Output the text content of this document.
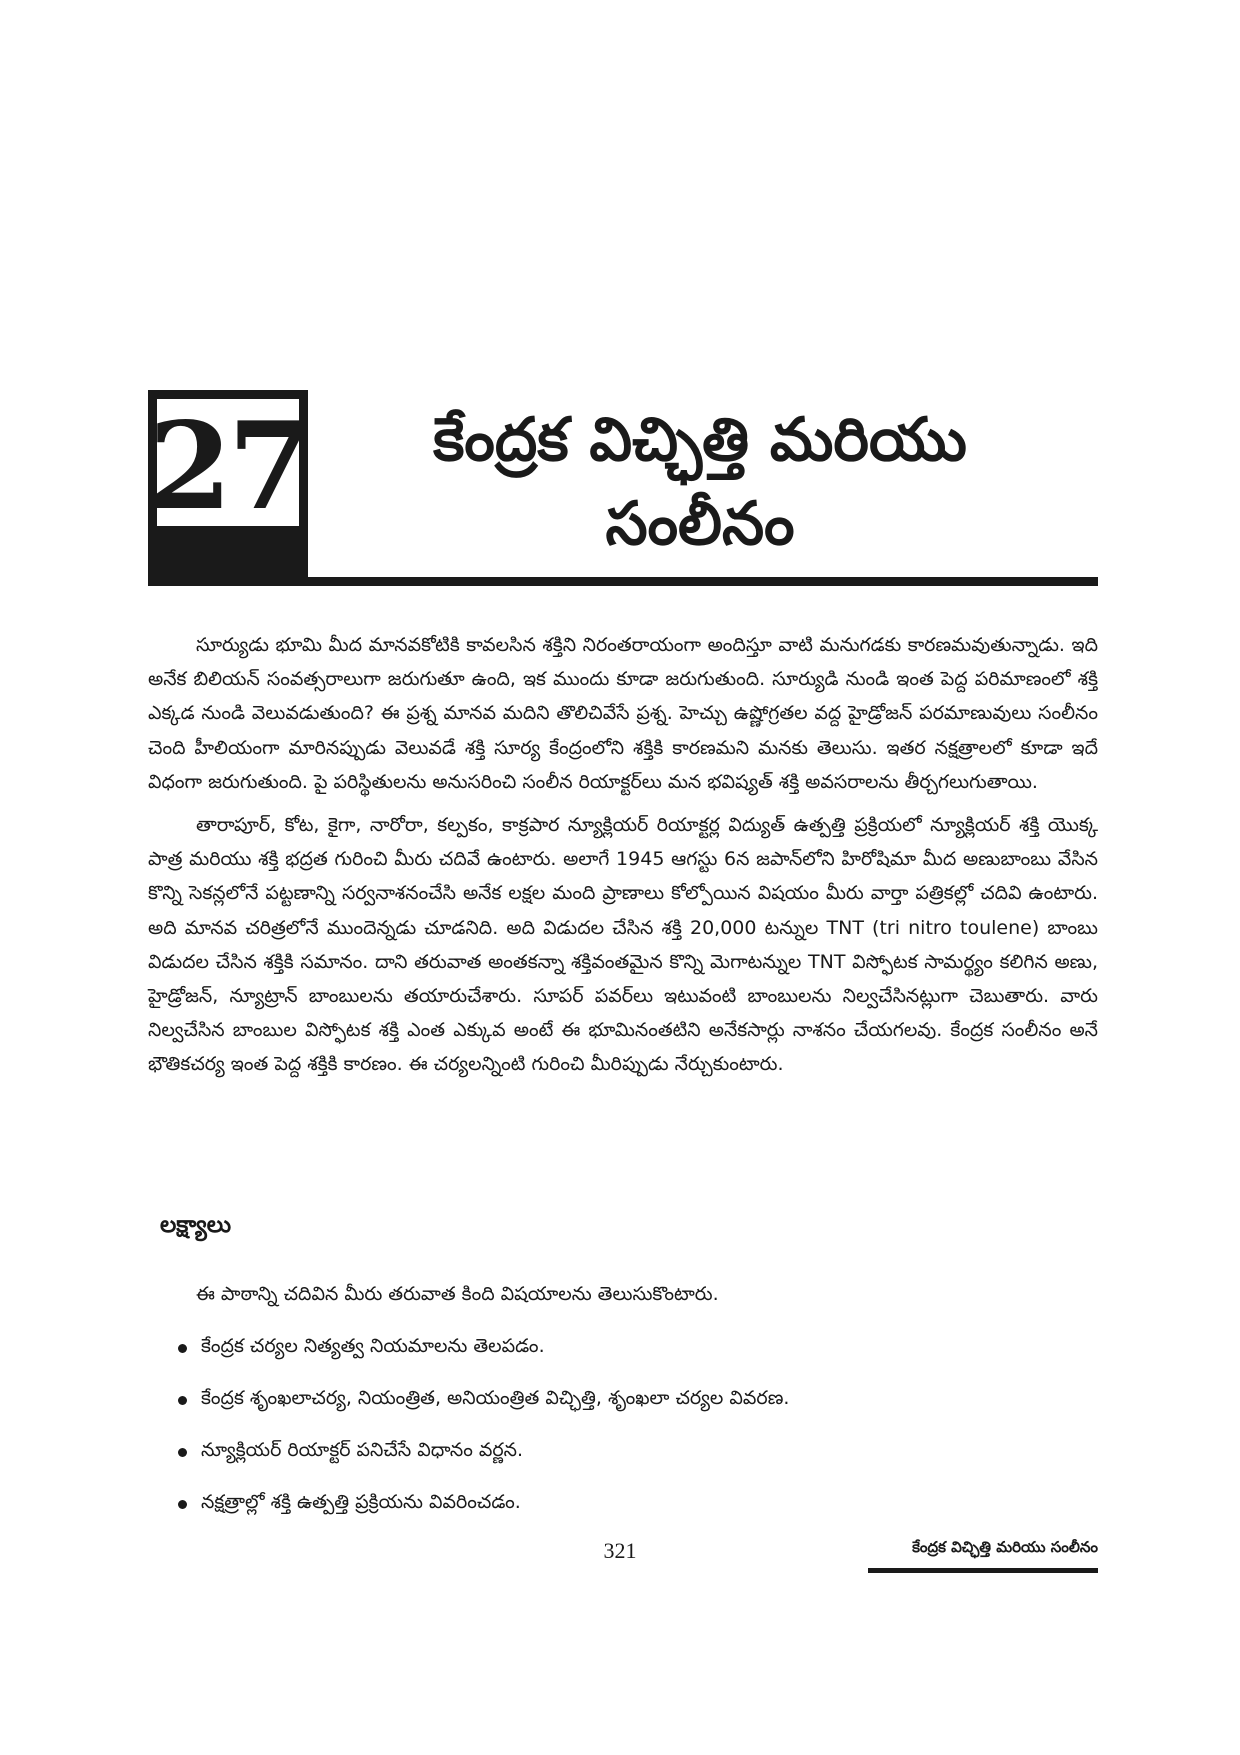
27	కేంద్రక విచ్ఛిత్తి మరియు
సంలీనం

సూర్యుడు భూమి మీద మానవకోటికి కావలసిన శక్తిని నిరంతరాయంగా అందిస్తూ వాటి మనుగడకు కారణమవుతున్నాడు. ఇది అనేక బిలియన్ సంవత్సరాలుగా జరుగుతూ ఉంది, ఇక ముందు కూడా జరుగుతుంది. సూర్యుడి నుండి ఇంత పెద్ద పరిమాణంలో శక్తి ఎక్కడ నుండి వెలువడుతుంది? ఈ ప్రశ్న మానవ మదిని తొలిచివేసే ప్రశ్న. హెచ్చు ఉష్ణోగ్రతల వద్ద హైడ్రోజన్ పరమాణువులు సంలీనం చెంది హీలియంగా మారినప్పుడు వెలువడే శక్తి సూర్య కేంద్రంలోని శక్తికి కారణమని మనకు తెలుసు. ఇతర నక్షత్రాలలో కూడా ఇదే విధంగా జరుగుతుంది. పై పరిస్థితులను అనుసరించి సంలీన రియాక్టర్‌లు మన భవిష్యత్ శక్తి అవసరాలను తీర్చగలుగుతాయి.

తారాపూర్, కోట, కైగా, నారోరా, కల్పకం, కాక్రపార న్యూక్లియర్ రియాక్టర్ల విద్యుత్ ఉత్పత్తి ప్రక్రియలో న్యూక్లియర్ శక్తి యొక్క పాత్ర మరియు శక్తి భద్రత గురించి మీరు చదివే ఉంటారు. అలాగే 1945 ఆగస్టు 6న జపాన్‌లోని హిరోషిమా మీద అణుబాంబు వేసిన కొన్ని సెకన్లలోనే పట్టణాన్ని సర్వనాశనంచేసి అనేక లక్షల మంది ప్రాణాలు కోల్పోయిన విషయం మీరు వార్తా పత్రికల్లో చదివి ఉంటారు. అది మానవ చరిత్రలోనే ముందెన్నడు చూడనిది. అది విడుదల చేసిన శక్తి 20,000 టన్నుల TNT (tri nitro toulene) బాంబు విడుదల చేసిన శక్తికి సమానం. దాని తరువాత అంతకన్నా శక్తివంతమైన కొన్ని మెగాటన్నుల TNT విస్ఫోటక సామర్థ్యం కలిగిన అణు, హైడ్రోజన్, న్యూట్రాన్ బాంబులను తయారుచేశారు. సూపర్ పవర్‌లు ఇటువంటి బాంబులను నిల్వచేసినట్లుగా చెబుతారు. వారు నిల్వచేసిన బాంబుల విస్ఫోటక శక్తి ఎంత ఎక్కువ అంటే ఈ భూమినంతటిని అనేకసార్లు నాశనం చేయగలవు. కేంద్రక సంలీనం అనే భౌతికచర్య ఇంత పెద్ద శక్తికి కారణం. ఈ చర్యలన్నింటి గురించి మీరిప్పుడు నేర్చుకుంటారు.

లక్ష్యాలు
ఈ పాఠాన్ని చదివిన మీరు తరువాత కింది విషయాలను తెలుసుకొంటారు.
కేంద్రక చర్యల నిత్యత్వ నియమాలను తెలపడం.
కేంద్రక శృంఖలాచర్య, నియంత్రిత, అనియంత్రిత విచ్ఛిత్తి, శృంఖలా చర్యల వివరణ.
న్యూక్లియర్ రియాక్టర్ పనిచేసే విధానం వర్ణన.
నక్షత్రాల్లో శక్తి ఉత్పత్తి ప్రక్రియను వివరించడం.
321	కేంద్రక విచ్ఛిత్తి మరియు సంలీనం
